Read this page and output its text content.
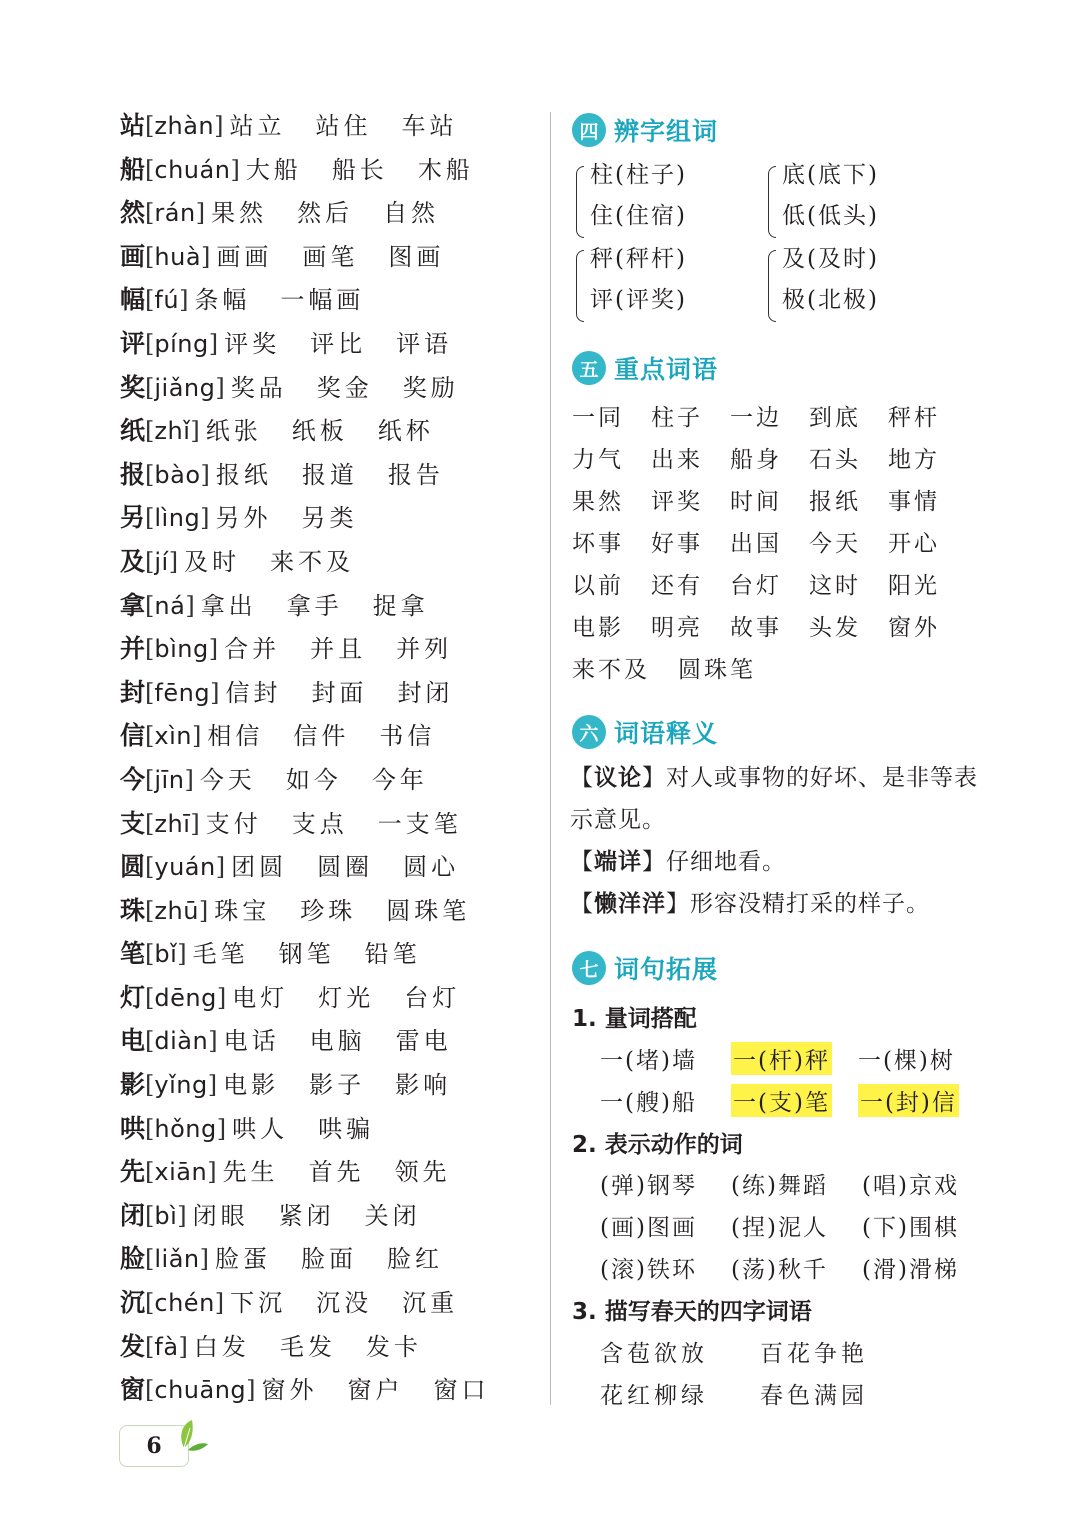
站[zhàn] 站立 站住 车站
船[chuán] 大船 船长 木船
然[rán] 果然 然后 自然
画[huà] 画画 画笔 图画
幅[fú] 条幅 一幅画
评[píng] 评奖 评比 评语
奖[jiǎng] 奖品 奖金 奖励
纸[zhǐ] 纸张 纸板 纸杯
报[bào] 报纸 报道 报告
另[lìng] 另外 另类
及[jí] 及时 来不及
拿[ná] 拿出 拿手 捉拿
并[bìng] 合并 并且 并列
封[fēng] 信封 封面 封闭
信[xìn] 相信 信件 书信
今[jīn] 今天 如今 今年
支[zhī] 支付 支点 一支笔
圆[yuán] 团圆 圆圈 圆心
珠[zhū] 珠宝 珍珠 圆珠笔
笔[bǐ] 毛笔 钢笔 铅笔
灯[dēng] 电灯 灯光 台灯
电[diàn] 电话 电脑 雷电
影[yǐng] 电影 影子 影响
哄[hǒng] 哄人 哄骗
先[xiān] 先生 首先 领先
闭[bì] 闭眼 紧闭 关闭
脸[liǎn] 脸蛋 脸面 脸红
沉[chén] 下沉 沉没 沉重
发[fà] 白发 毛发 发卡
窗[chuāng] 窗外 窗户 窗口
四 辨字组词
柱(柱子)
住(住宿)
底(底下)
低(低头)
秤(秤杆)
评(评奖)
及(及时)
极(北极)
五 重点词语
一同 柱子 一边 到底 秤杆
力气 出来 船身 石头 地方
果然 评奖 时间 报纸 事情
坏事 好事 出国 今天 开心
以前 还有 台灯 这时 阳光
电影 明亮 故事 头发 窗外
来不及 圆珠笔
六 词语释义
【议论】对人或事物的好坏、是非等表示意见。
【端详】仔细地看。
【懒洋洋】形容没精打采的样子。
七 词句拓展
1. 量词搭配
一(堵)墙 一(杆)秤 一(棵)树
一(艘)船 一(支)笔 一(封)信
2. 表示动作的词
(弹)钢琴 (练)舞蹈 (唱)京戏
(画)图画 (捏)泥人 (下)围棋
(滚)铁环 (荡)秋千 (滑)滑梯
3. 描写春天的四字词语
含苞欲放 百花争艳
花红柳绿 春色满园
6
